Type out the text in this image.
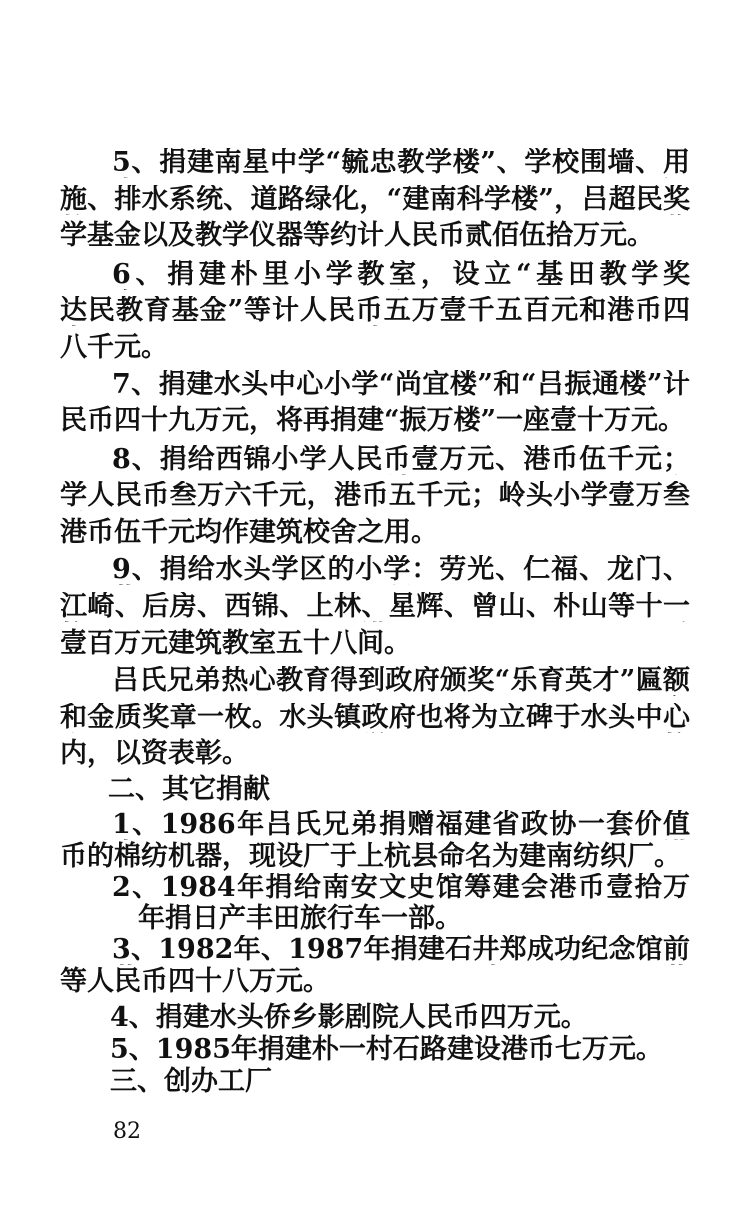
5、捐建南星中学“毓忠教学楼”、学校围墙、用
施、排水系统、道路绿化，“建南科学楼”，吕超民奖
学基金以及教学仪器等约计人民币贰佰伍拾万元。
6、捐建朴里小学教室，设立“基田教学奖
达民教育基金”等计人民币五万壹千五百元和港币四
八千元。
7、捐建水头中心小学“尚宜楼”和“吕振通楼”计
民币四十九万元，将再捐建“振万楼”一座壹十万元。
8、捐给西锦小学人民币壹万元、港币伍千元；
学人民币叁万六千元，港币五千元；岭头小学壹万叁
港币伍千元均作建筑校舍之用。
9、捐给水头学区的小学：劳光、仁福、龙门、
江崎、后房、西锦、上林、星辉、曾山、朴山等十一
壹百万元建筑教室五十八间。
吕氏兄弟热心教育得到政府颁奖“乐育英才”匾额
和金质奖章一枚。水头镇政府也将为立碑于水头中心
内，以资表彰。
二、其它捐献
1、1986年吕氏兄弟捐赠福建省政协一套价值
币的棉纺机器，现设厂于上杭县命名为建南纺织厂。
2、1984年捐给南安文史馆筹建会港币壹拾万
年捐日产丰田旅行车一部。
3、1982年、1987年捐建石井郑成功纪念馆前
等人民币四十八万元。
4、捐建水头侨乡影剧院人民币四万元。
5、1985年捐建朴一村石路建设港币七万元。
三、创办工厂
82
